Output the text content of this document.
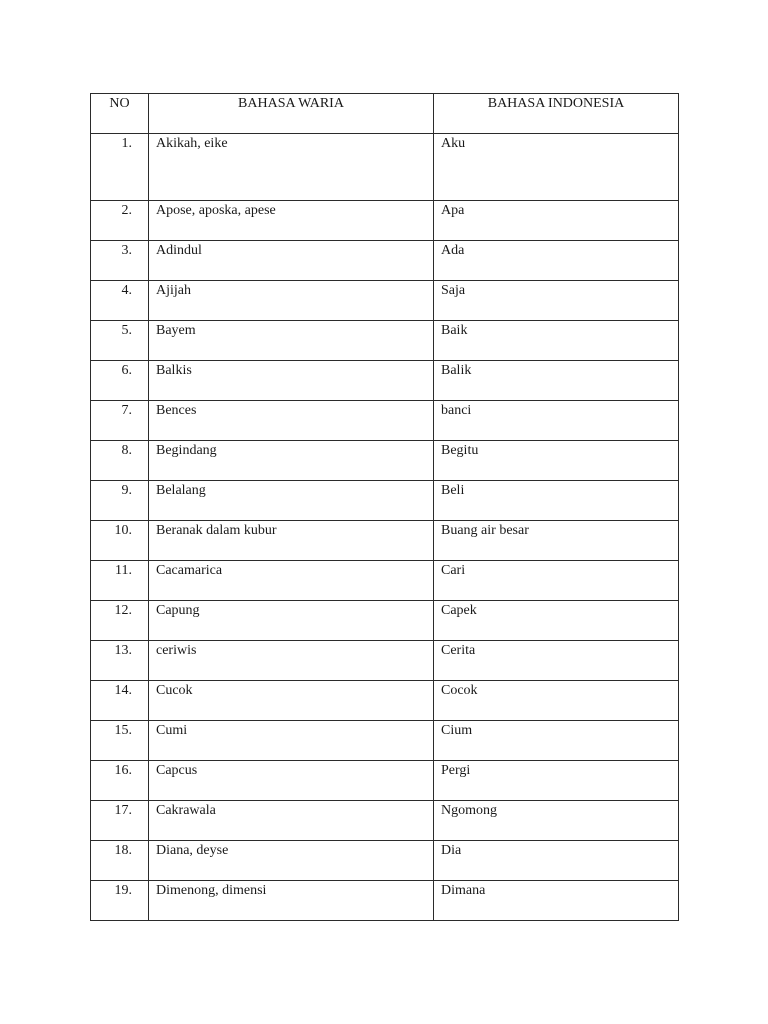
NO	BAHASA WARIA	BAHASA INDONESIA
1.	Akikah, eike	Aku
2.	Apose, aposka, apese	Apa
3.	Adindul	Ada
4.	Ajijah	Saja
5.	Bayem	Baik
6.	Balkis	Balik
7.	Bences	banci
8.	Begindang	Begitu
9.	Belalang	Beli
10.	Beranak dalam kubur	Buang air besar
11.	Cacamarica	Cari
12.	Capung	Capek
13.	ceriwis	Cerita
14.	Cucok	Cocok
15.	Cumi	Cium
16.	Capcus	Pergi
17.	Cakrawala	Ngomong
18.	Diana, deyse	Dia
19.	Dimenong, dimensi	Dimana
